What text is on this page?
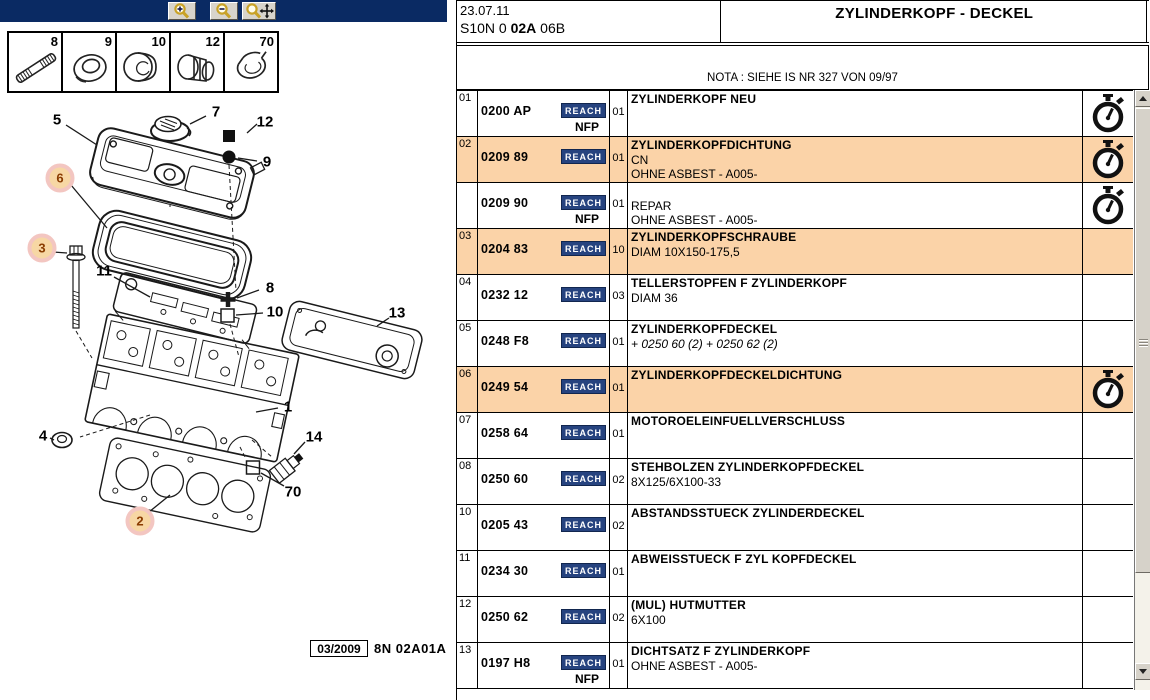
8	9	10	12	70
5	7
12
9
6
3
11
8
10	13
1
4	14
70
2
03/2009 8N 02A01A
23.07.11
S10N 0 02A 06B
ZYLINDERKOPF - DECKEL
NOTA : SIEHE IS NR 327 VON 09/97
01
0200 AP	REACH
NFP
01
ZYLINDERKOPF NEU
02
0209 89	REACH 01
ZYLINDERKOPFDICHTUNG
CN
OHNE ASBEST - A005-
0209 90	REACH
NFP
01 REPAR
OHNE ASBEST - A005-
03
0204 83	REACH 10
ZYLINDERKOPFSCHRAUBE
DIAM 10X150-175,5
04
0232 12	REACH 03
TELLERSTOPFEN F ZYLINDERKOPF
DIAM 36
05
0248 F8	REACH 01
ZYLINDERKOPFDECKEL
+ 0250 60 (2) + 0250 62 (2)
06
0249 54	REACH 01
ZYLINDERKOPFDECKELDICHTUNG
07
0258 64	REACH 01
MOTOROELEINFUELLVERSCHLUSS
08
0250 60	REACH 02
STEHBOLZEN ZYLINDERKOPFDECKEL
8X125/6X100-33
10
0205 43	REACH 02
ABSTANDSSTUECK ZYLINDERDECKEL
11
0234 30	REACH 01
ABWEISSTUECK F ZYL KOPFDECKEL
12
0250 62	REACH 02
(MUL) HUTMUTTER
6X100
13
0197 H8	REACH
NFP
01
DICHTSATZ F ZYLINDERKOPF
OHNE ASBEST - A005-
